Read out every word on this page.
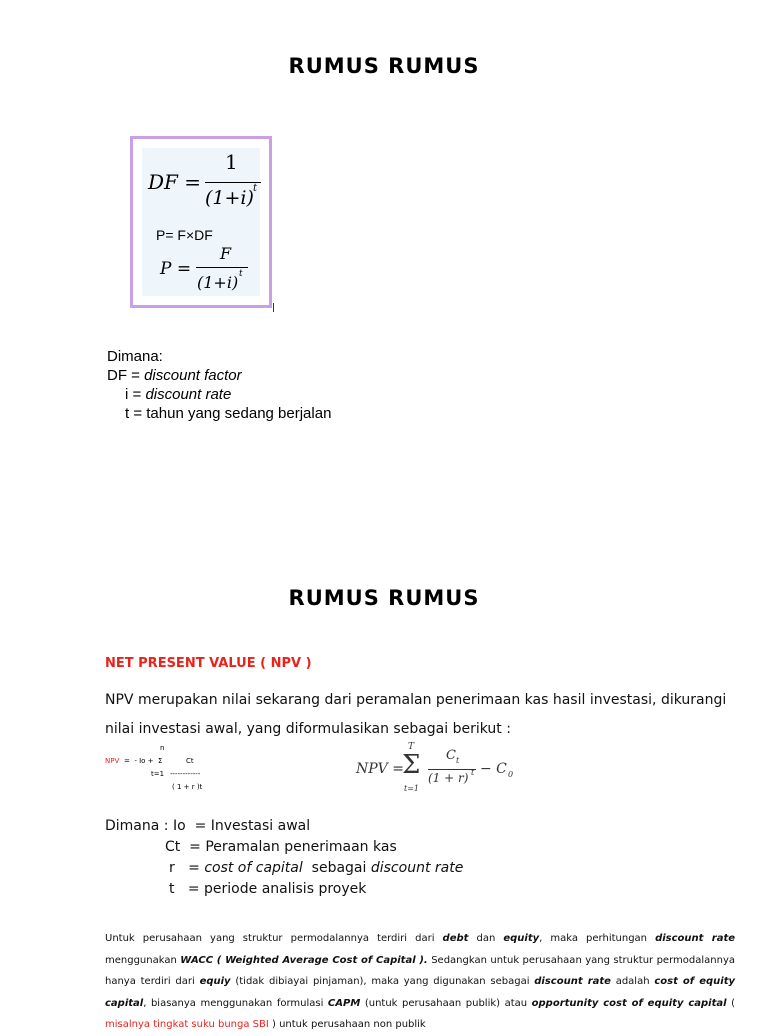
RUMUS RUMUS
DF =
1
(1+i) t
P= F×DF
P =
F
(1+i) t
Dimana:
DF = discount factor
i = discount rate
t = tahun yang sedang berjalan
RUMUS RUMUS
NET PRESENT VALUE ( NPV )
NPV merupakan nilai sekarang dari peramalan penerimaan kas hasil investasi, dikurangi nilai investasi awal, yang diformulasikan sebagai berikut :
n
NPV =  - Io +  Σ	Ct
t=1 ------------
( 1 + r )t
NPV =
T
Σ
t=1
C t
(1 + r) t − C 0
Dimana : Io = Investasi awal
Ct = Peramalan penerimaan kas
r = cost of capital  sebagai discount rate
t = periode analisis proyek
Untuk perusahaan yang struktur permodalannya terdiri dari debt dan equity, maka perhitungan discount rate menggunakan WACC ( Weighted Average Cost of Capital ). Sedangkan untuk perusahaan yang struktur permodalannya hanya terdiri dari equiy (tidak dibiayai pinjaman), maka yang digunakan sebagai discount rate adalah cost of equity capital, biasanya menggunakan formulasi CAPM (untuk perusahaan publik) atau opportunity cost of equity capital ( misalnya tingkat suku bunga SBI ) untuk perusahaan non publik
